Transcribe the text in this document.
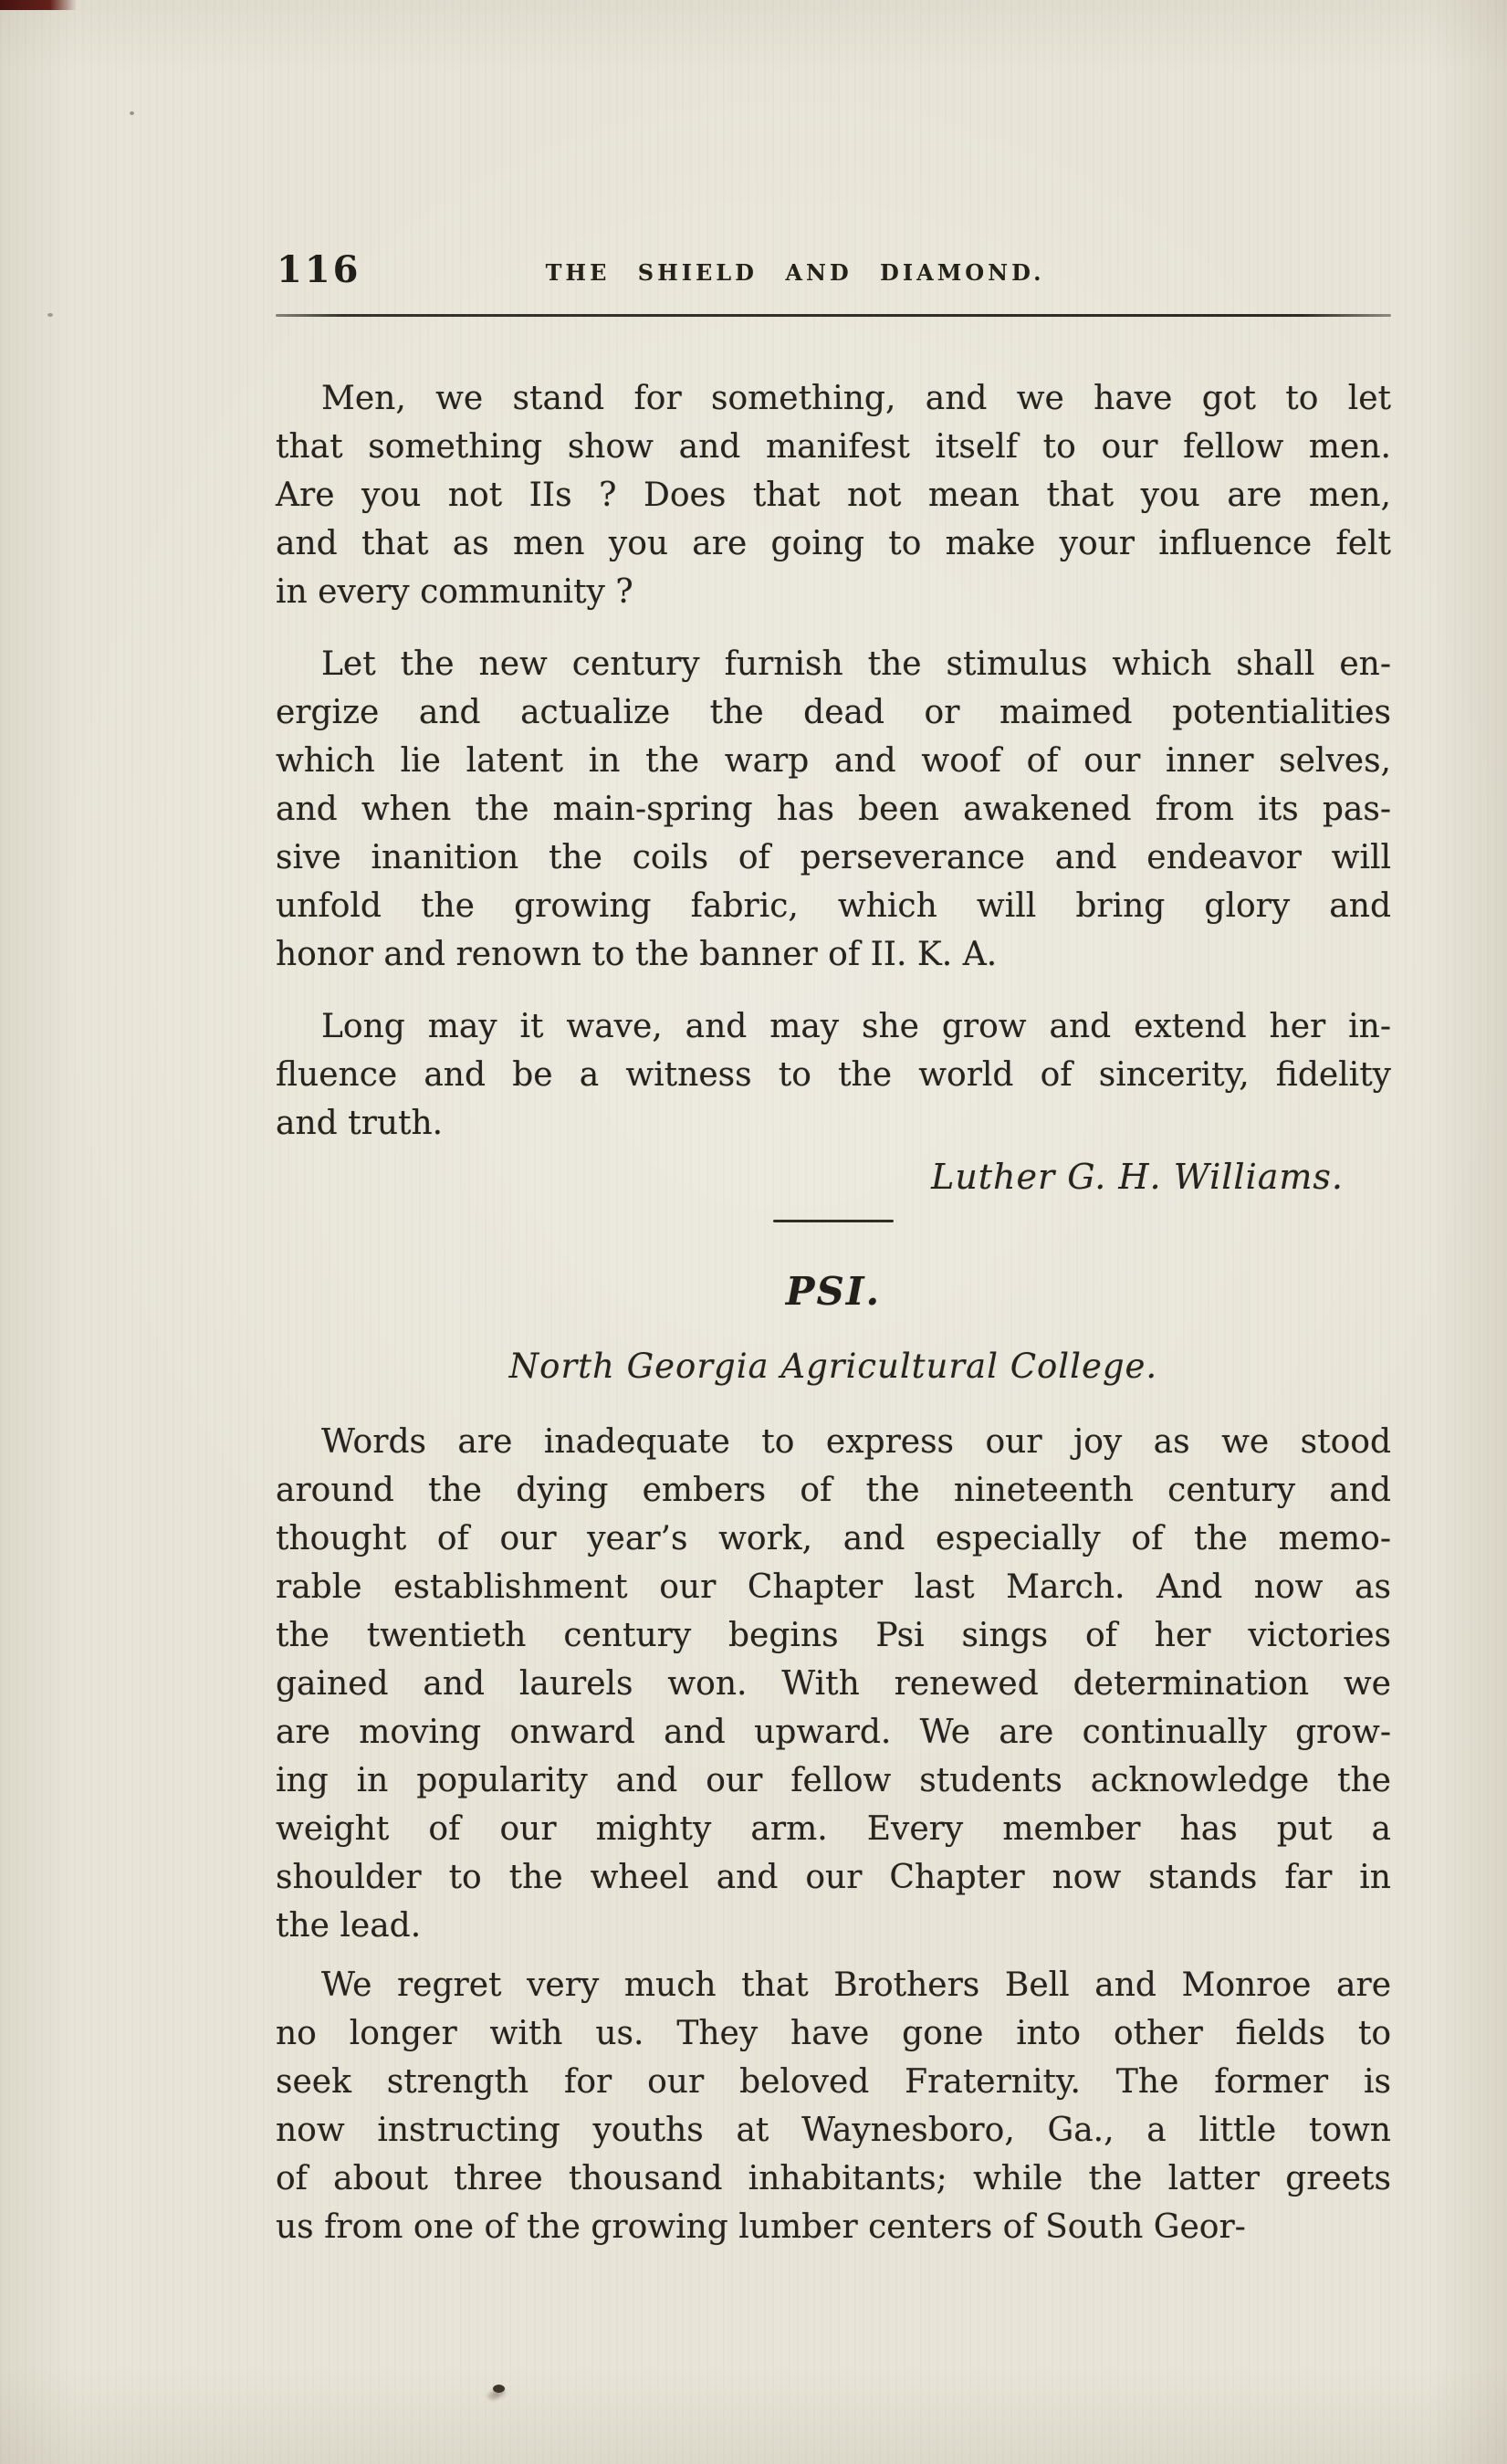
116	THE SHIELD AND DIAMOND.
Men, we stand for something, and we have got to let
that something show and manifest itself to our fellow men.
Are you not IIs ? Does that not mean that you are men,
and that as men you are going to make your influence felt
in every community ?
Let the new century furnish the stimulus which shall en-
ergize and actualize the dead or maimed potentialities
which lie latent in the warp and woof of our inner selves,
and when the main-spring has been awakened from its pas-
sive inanition the coils of perseverance and endeavor will
unfold the growing fabric, which will bring glory and
honor and renown to the banner of II. K. A.
Long may it wave, and may she grow and extend her in-
fluence and be a witness to the world of sincerity, fidelity
and truth.
Luther G. H. Williams.
PSI.
North Georgia Agricultural College.
Words are inadequate to express our joy as we stood
around the dying embers of the nineteenth century and
thought of our year’s work, and especially of the memo-
rable establishment our Chapter last March. And now as
the twentieth century begins Psi sings of her victories
gained and laurels won. With renewed determination we
are moving onward and upward. We are continually grow-
ing in popularity and our fellow students acknowledge the
weight of our mighty arm. Every member has put a
shoulder to the wheel and our Chapter now stands far in
the lead.
We regret very much that Brothers Bell and Monroe are
no longer with us. They have gone into other fields to
seek strength for our beloved Fraternity. The former is
now instructing youths at Waynesboro, Ga., a little town
of about three thousand inhabitants; while the latter greets
us from one of the growing lumber centers of South Geor-
